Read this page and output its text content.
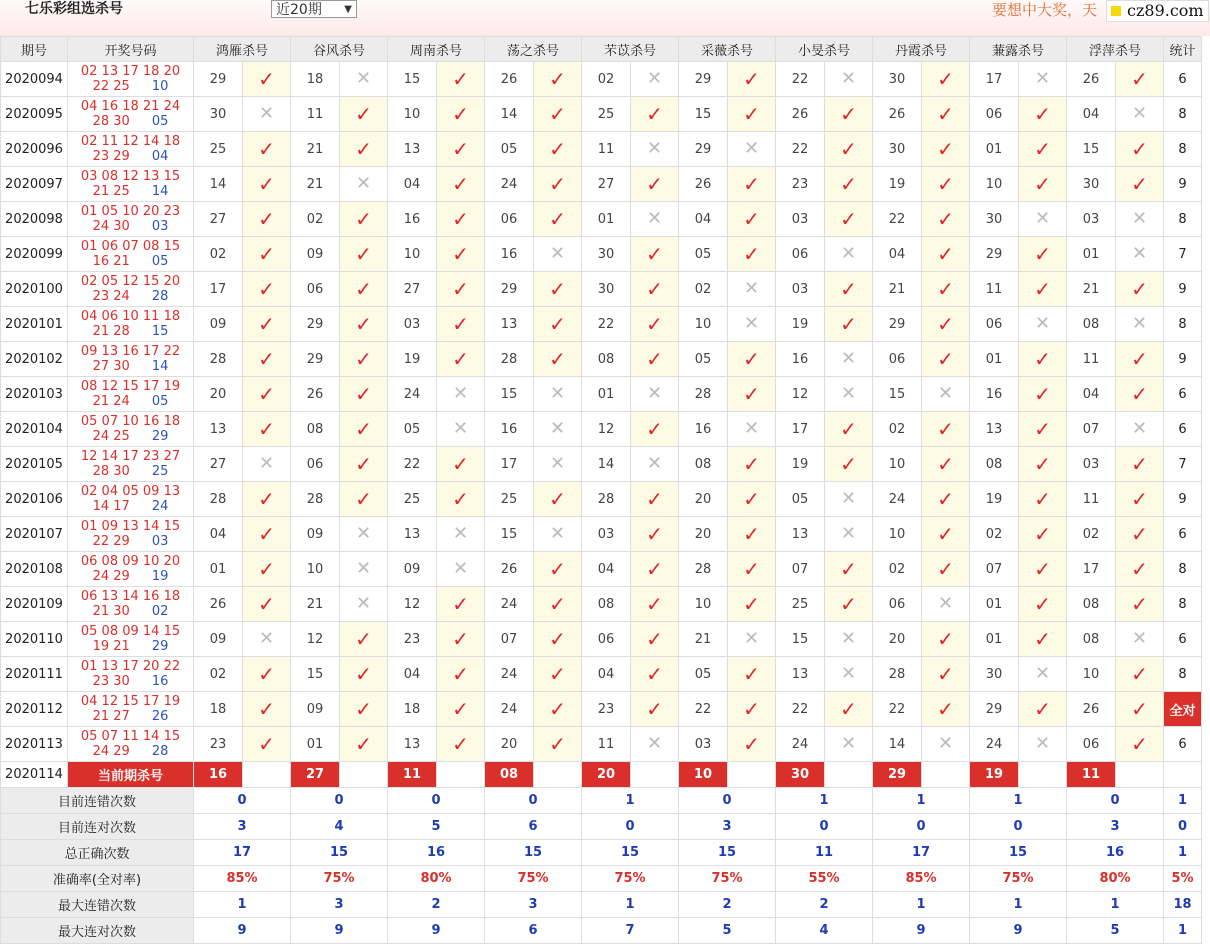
七乐彩组选杀号	近20期 ▼	要想中大奖，天	cz89.com
期号	开奖号码	鸿雁杀号		谷风杀号		周南杀号		荡之杀号		芣苡杀号		采薇杀号		小旻杀号		丹霞杀号		蒹露杀号		浮萍杀号		统计
2020094	02 13 17 18 20
22 25 10	29	✓	18	✕	15	✓	26	✓	02	✕	29	✓	22	✕	30	✓	17	✕	26	✓	6
2020095	04 16 18 21 24
28 30 05	30	✕	11	✓	10	✓	14	✓	25	✓	15	✓	26	✓	26	✓	06	✓	04	✕	8
2020096	02 11 12 14 18
23 29 04	25	✓	21	✓	13	✓	05	✓	11	✕	29	✕	22	✓	30	✓	01	✓	15	✓	8
2020097	03 08 12 13 15
21 25 14	14	✓	21	✕	04	✓	24	✓	27	✓	26	✓	23	✓	19	✓	10	✓	30	✓	9
2020098	01 05 10 20 23
24 30 03	27	✓	02	✓	16	✓	06	✓	01	✕	04	✓	03	✓	22	✓	30	✕	03	✕	8
2020099	01 06 07 08 15
16 21 05	02	✓	09	✓	10	✓	16	✕	30	✓	05	✓	06	✕	04	✓	29	✓	01	✕	7
2020100	02 05 12 15 20
23 24 28	17	✓	06	✓	27	✓	29	✓	30	✓	02	✕	03	✓	21	✓	11	✓	21	✓	9
2020101	04 06 10 11 18
21 28 15	09	✓	29	✓	03	✓	13	✓	22	✓	10	✕	19	✓	29	✓	06	✕	08	✕	8
2020102	09 13 16 17 22
27 30 14	28	✓	29	✓	19	✓	28	✓	08	✓	05	✓	16	✕	06	✓	01	✓	11	✓	9
2020103	08 12 15 17 19
21 24 05	20	✓	26	✓	24	✕	15	✕	01	✕	28	✓	12	✕	15	✕	16	✓	04	✓	6
2020104	05 07 10 16 18
24 25 29	13	✓	08	✓	05	✕	16	✕	12	✓	16	✕	17	✓	02	✓	13	✓	07	✕	6
2020105	12 14 17 23 27
28 30 25	27	✕	06	✓	22	✓	17	✕	14	✕	08	✓	19	✓	10	✓	08	✓	03	✓	7
2020106	02 04 05 09 13
14 17 24	28	✓	28	✓	25	✓	25	✓	28	✓	20	✓	05	✕	24	✓	19	✓	11	✓	9
2020107	01 09 13 14 15
22 29 03	04	✓	09	✕	13	✕	15	✕	03	✓	20	✓	13	✕	10	✓	02	✓	02	✓	6
2020108	06 08 09 10 20
24 29 19	01	✓	10	✕	09	✕	26	✓	04	✓	28	✓	07	✓	02	✓	07	✓	17	✓	8
2020109	06 13 14 16 18
21 30 02	26	✓	21	✕	12	✓	24	✓	08	✓	10	✓	25	✓	06	✕	01	✓	08	✓	8
2020110	05 08 09 14 15
19 21 29	09	✕	12	✓	23	✓	07	✓	06	✓	21	✕	15	✕	20	✓	01	✓	08	✕	6
2020111	01 13 17 20 22
23 30 16	02	✓	15	✓	04	✓	24	✓	04	✓	05	✓	13	✕	28	✓	30	✕	10	✓	8
2020112	04 12 15 17 19
21 27 26	18	✓	09	✓	18	✓	24	✓	23	✓	22	✓	22	✓	22	✓	29	✓	26	✓	全对
2020113	05 07 11 14 15
24 29 28	23	✓	01	✓	13	✓	20	✓	11	✕	03	✓	24	✕	14	✕	24	✕	06	✓	6
2020114	当前期杀号	16		27		11		08		20		10		30		29		19		11		
目前连错次数		0		0		0		0		1		0		1		1		1		0		1
目前连对次数		3		4		5		6		0		3		0		0		0		3		0
总正确次数		17		15		16		15		15		15		11		17		15		16		1
准确率(全对率)		85%		75%		80%		75%		75%		75%		55%		85%		75%		80%		5%
最大连错次数		1		3		2		3		1		2		2		1		1		1		18
最大连对次数		9		9		9		6		7		5		4		9		9		5		1
